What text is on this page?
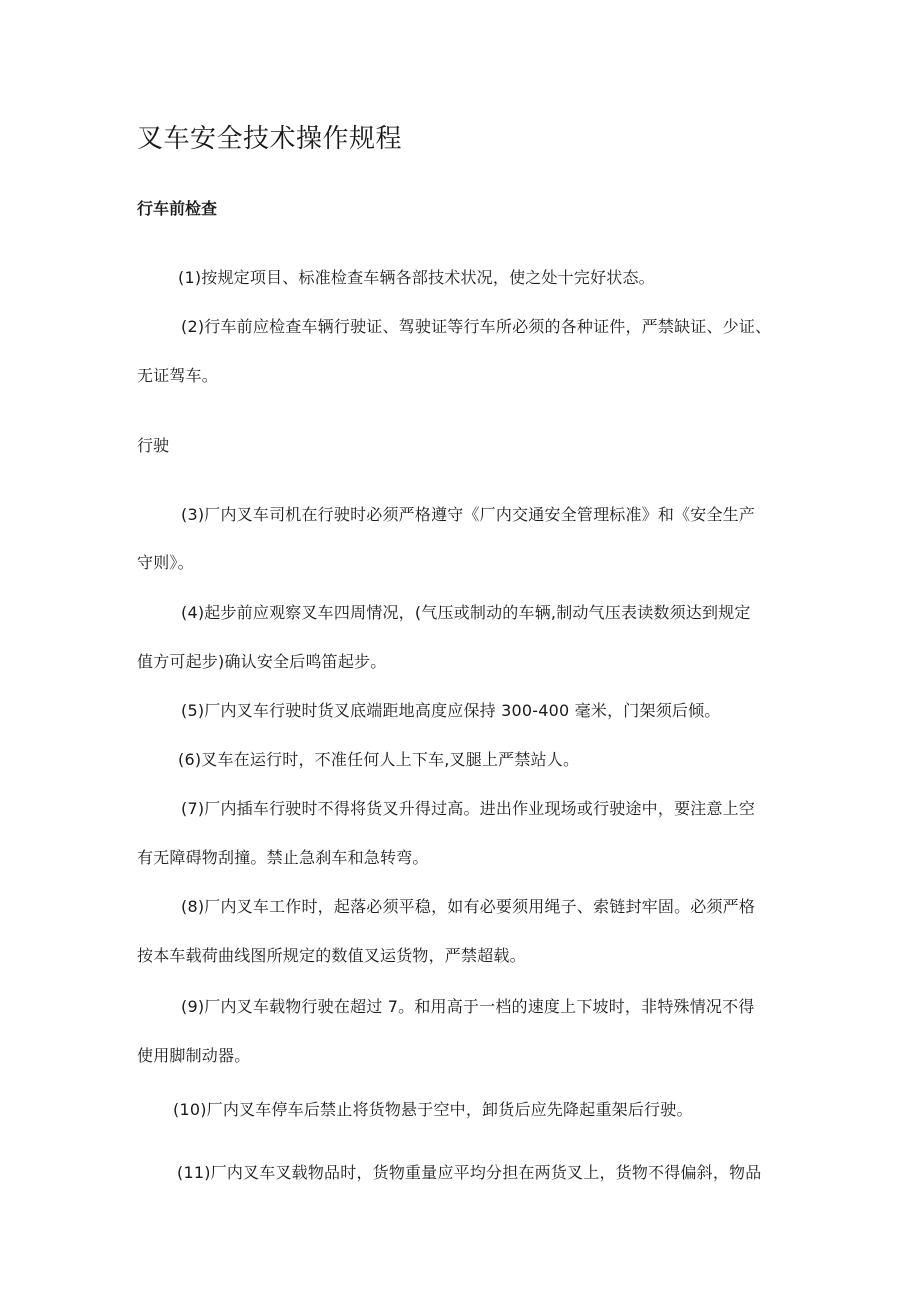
叉车安全技术操作规程
行车前检查
(1)按规定项目、标准检查车辆各部技术状况，使之处十完好状态。
(2)行车前应检查车辆行驶证、驾驶证等行车所必须的各种证件，严禁缺证、少证、
无证驾车。
行驶
(3)厂内叉车司机在行驶时必须严格遵守《厂内交通安全管理标准》和《安全生产
守则》。
(4)起步前应观察叉车四周情况，(气压或制动的车辆,制动气压表读数须达到规定
值方可起步)确认安全后鸣笛起步。
(5)厂内叉车行驶时货叉底端距地高度应保持 300-400 毫米，门架须后倾。
(6)叉车在运行时，不准任何人上下车,叉腿上严禁站人。
(7)厂内插车行驶时不得将货叉升得过高。进出作业现场或行驶途中，要注意上空
有无障碍物刮撞。禁止急刹车和急转弯。
(8)厂内叉车工作时，起落必须平稳，如有必要须用绳子、索链封牢固。必须严格
按本车载荷曲线图所规定的数值叉运货物，严禁超载。
(9)厂内叉车载物行驶在超过 7。和用高于一档的速度上下坡时，非特殊情况不得
使用脚制动器。
(10)厂内叉车停车后禁止将货物悬于空中，卸货后应先降起重架后行驶。
(11)厂内叉车叉载物品时，货物重量应平均分担在两货叉上，货物不得偏斜，物品
